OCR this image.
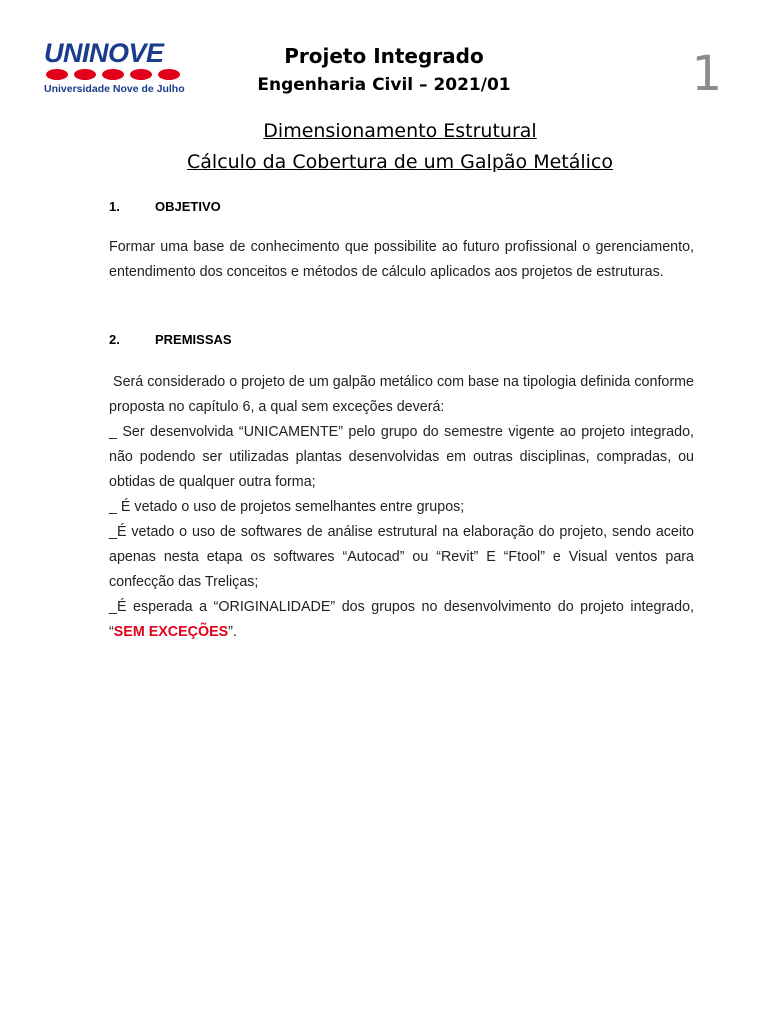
UNINOVE
Universidade Nove de Julho
Projeto Integrado
Engenharia Civil – 2021/01	1
Dimensionamento Estrutural
Cálculo da Cobertura de um Galpão Metálico
1.	OBJETIVO
Formar uma base de conhecimento que possibilite ao futuro profissional o gerenciamento, entendimento dos conceitos e métodos de cálculo aplicados aos projetos de estruturas.
2.	PREMISSAS

Será considerado o projeto de um galpão metálico com base na tipologia definida conforme proposta no capítulo 6, a qual sem exceções deverá:

_ Ser desenvolvida “UNICAMENTE” pelo grupo do semestre vigente ao projeto integrado, não podendo ser utilizadas plantas desenvolvidas em outras disciplinas, compradas, ou obtidas de qualquer outra forma;

_ É vetado o uso de projetos semelhantes entre grupos;

_É vetado o uso de softwares de análise estrutural na elaboração do projeto, sendo aceito apenas nesta etapa os softwares “Autocad” ou “Revit” E “Ftool” e Visual ventos para confecção das Treliças;

_É esperada a “ORIGINALIDADE” dos grupos no desenvolvimento do projeto integrado, “SEM EXCEÇÕES”.
